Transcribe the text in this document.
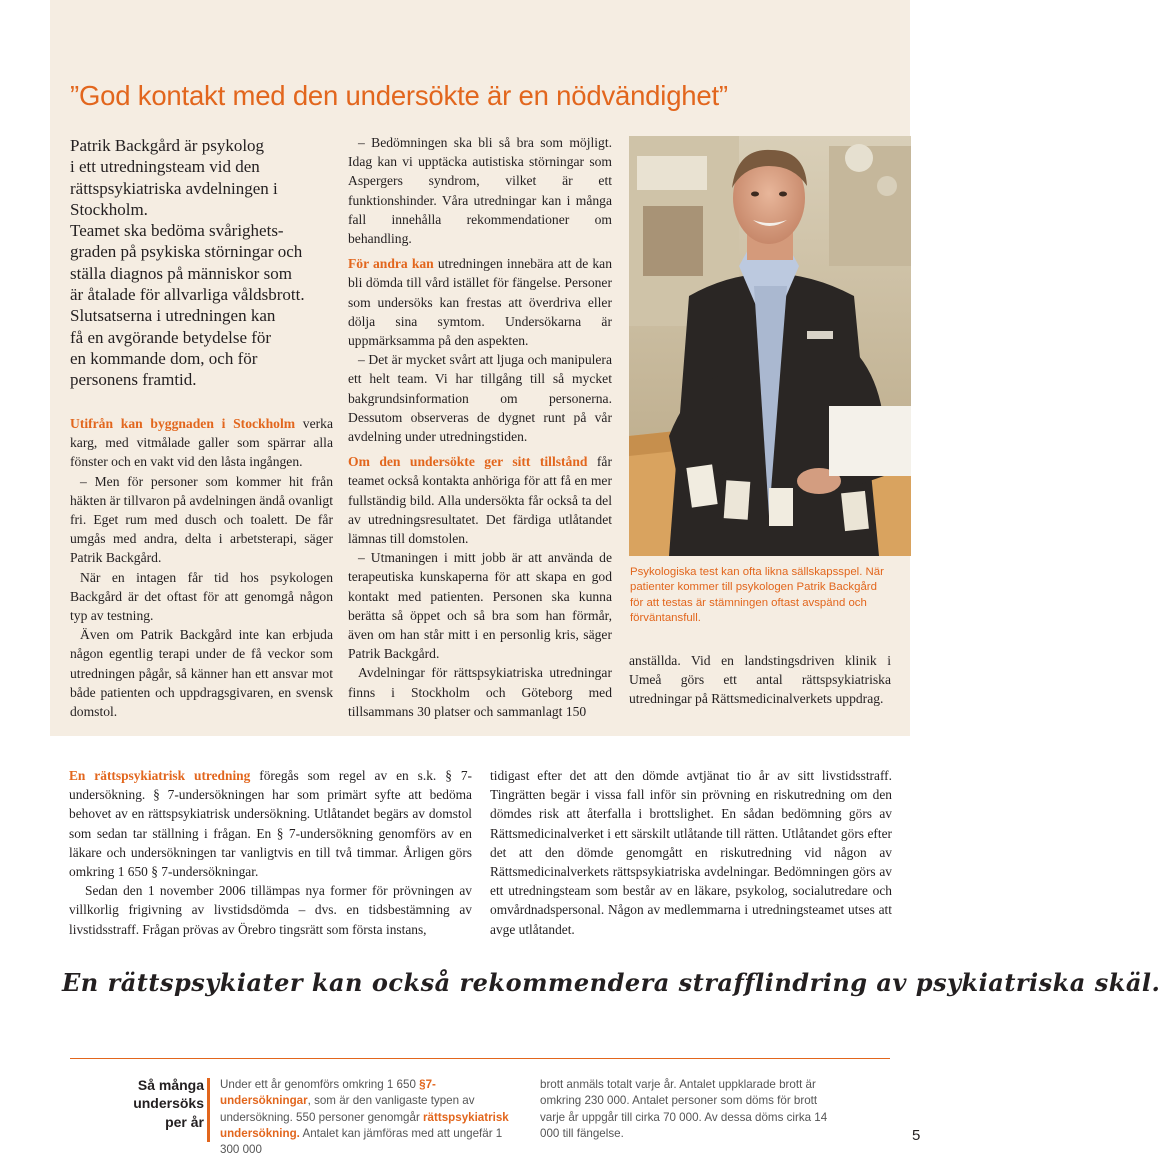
”God kontakt med den undersökte är en nödvändighet”
Patrik Backgård är psykolog
i ett utredningsteam vid den
rättspsykiatriska avdelningen i
Stockholm.
Teamet ska bedöma svårighets-
graden på psykiska störningar och
ställa diagnos på människor som
är åtalade för allvarliga våldsbrott.
Slutsatserna i utredningen kan
få en avgörande betydelse för
en kommande dom, och för
personens framtid.

Utifrån kan byggnaden i Stockholm verka karg, med vitmålade galler som spärrar alla fönster och en vakt vid den låsta ingången.

– Men för personer som kommer hit från häkten är tillvaron på avdelningen ändå ovanligt fri. Eget rum med dusch och toalett. De får umgås med andra, delta i arbetsterapi, säger Patrik Backgård.

När en intagen får tid hos psykologen Backgård är det oftast för att genomgå någon typ av testning.

Även om Patrik Backgård inte kan erbjuda någon egentlig terapi under de få veckor som utredningen pågår, så känner han ett ansvar mot både patienten och uppdragsgivaren, en svensk domstol.

– Bedömningen ska bli så bra som möjligt. Idag kan vi upptäcka autistiska störningar som Aspergers syndrom, vilket är ett funktionshinder. Våra utredningar kan i många fall innehålla rekommendationer om behandling.

För andra kan utredningen innebära att de kan bli dömda till vård istället för fängelse. Personer som undersöks kan frestas att överdriva eller dölja sina symtom. Undersökarna är uppmärksamma på den aspekten.

– Det är mycket svårt att ljuga och manipulera ett helt team. Vi har tillgång till så mycket bakgrundsinformation om personerna. Dessutom observeras de dygnet runt på vår avdelning under utredningstiden.

Om den undersökte ger sitt tillstånd får teamet också kontakta anhöriga för att få en mer fullständig bild. Alla undersökta får också ta del av utredningsresultatet. Det färdiga utlåtandet lämnas till domstolen.

– Utmaningen i mitt jobb är att använda de terapeutiska kunskaperna för att skapa en god kontakt med patienten. Personen ska kunna berätta så öppet och så bra som han förmår, även om han står mitt i en personlig kris, säger Patrik Backgård.

Avdelningar för rättspsykiatriska utredningar finns i Stockholm och Göteborg med tillsammans 30 platser och sammanlagt 150

Psykologiska test kan ofta likna sällskapsspel. När patienter kommer till psykologen Patrik Backgård för att testas är stämningen oftast avspänd och förväntansfull.

anställda. Vid en landstingsdriven klinik i Umeå görs ett antal rättspsykiatriska utredningar på Rättsmedicinalverkets uppdrag.

En rättspsykiatrisk utredning föregås som regel av en s.k. § 7-undersökning. § 7-undersökningen har som primärt syfte att bedöma behovet av en rättspsykiatrisk undersökning. Utlåtandet begärs av domstol som sedan tar ställning i frågan. En § 7-undersökning genomförs av en läkare och undersökningen tar vanligtvis en till två timmar. Årligen görs omkring 1 650 § 7-undersökningar.

Sedan den 1 november 2006 tillämpas nya former för prövningen av villkorlig frigivning av livstidsdömda – dvs. en tidsbestämning av livstidsstraff. Frågan prövas av Örebro tingsrätt som första instans,

tidigast efter det att den dömde avtjänat tio år av sitt livstidsstraff. Tingrätten begär i vissa fall inför sin prövning en riskutredning om den dömdes risk att återfalla i brottslighet. En sådan bedömning görs av Rättsmedicinalverket i ett särskilt utlåtande till rätten. Utlåtandet görs efter det att den dömde genomgått en riskutredning vid någon av Rättsmedicinalverkets rättspsykiatriska avdelningar. Bedömningen görs av ett utredningsteam som består av en läkare, psykolog, socialutredare och omvårdnadspersonal. Någon av medlemmarna i utredningsteamet utses att avge utlåtandet.

En rättspsykiater kan också rekommendera strafflindring av psykiatriska skäl.
Så många
undersöks
per år
Under ett år genomförs omkring 1 650 §7-undersökningar, som är den vanligaste typen av undersökning. 550 personer genomgår rättspsykiatrisk undersökning. Antalet kan jämföras med att ungefär 1 300 000
brott anmäls totalt varje år. Antalet uppklarade brott är omkring 230 000. Antalet personer som döms för brott varje år uppgår till cirka 70 000. Av dessa döms cirka 14 000 till fängelse.	5
